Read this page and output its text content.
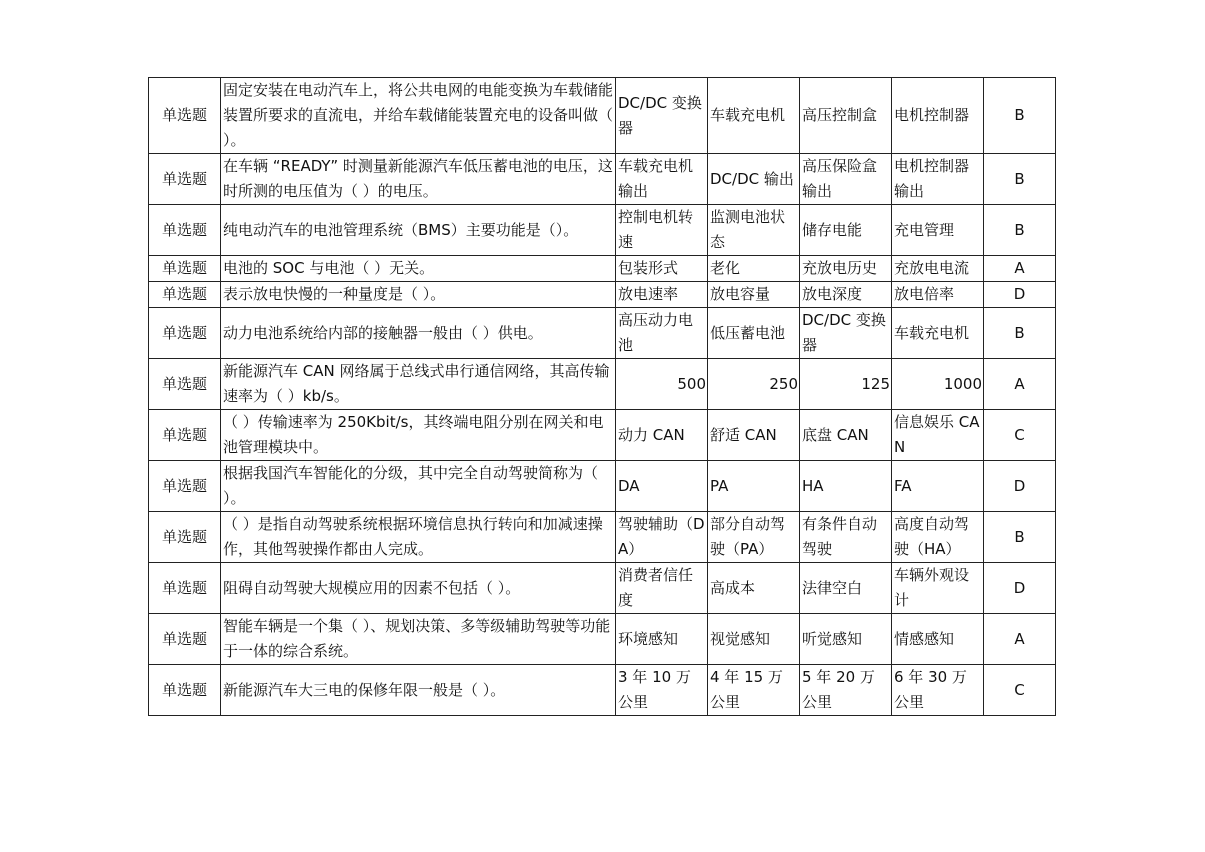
单选题	固定安装在电动汽车上，将公共电网的电能变换为车载储能装置所要求的直流电，并给车载储能装置充电的设备叫做（ ）。	DC/DC 变换器	车载充电机	高压控制盒	电机控制器	B
单选题	在车辆 “READY” 时测量新能源汽车低压蓄电池的电压，这时所测的电压值为（ ）的电压。	车载充电机输出	DC/DC 输出	高压保险盒输出	电机控制器输出	B
单选题	纯电动汽车的电池管理系统（BMS）主要功能是（）。	控制电机转速	监测电池状态	储存电能	充电管理	B
单选题	电池的 SOC 与电池（ ）无关。	包装形式	老化	充放电历史	充放电电流	A
单选题	表示放电快慢的一种量度是（ ）。	放电速率	放电容量	放电深度	放电倍率	D
单选题	动力电池系统给内部的接触器一般由（ ）供电。	高压动力电池	低压蓄电池	DC/DC 变换器	车载充电机	B
单选题	新能源汽车 CAN 网络属于总线式串行通信网络，其高传输速率为（ ）kb/s。	500	250	125	1000	A
单选题	（ ）传输速率为 250Kbit/s，其终端电阻分别在网关和电池管理模块中。	动力 CAN	舒适 CAN	底盘 CAN	信息娱乐 CAN	C
单选题	根据我国汽车智能化的分级，其中完全自动驾驶简称为（ ）。	DA	PA	HA	FA	D
单选题	（ ）是指自动驾驶系统根据环境信息执行转向和加减速操作，其他驾驶操作都由人完成。	驾驶辅助（DA）	部分自动驾驶（PA）	有条件自动驾驶	高度自动驾驶（HA）	B
单选题	阻碍自动驾驶大规模应用的因素不包括（ ）。	消费者信任度	高成本	法律空白	车辆外观设计	D
单选题	智能车辆是一个集（ ）、规划决策、多等级辅助驾驶等功能于一体的综合系统。	环境感知	视觉感知	听觉感知	情感感知	A
单选题	新能源汽车大三电的保修年限一般是（ ）。	3 年 10 万公里	4 年 15 万公里	5 年 20 万公里	6 年 30 万公里	C
